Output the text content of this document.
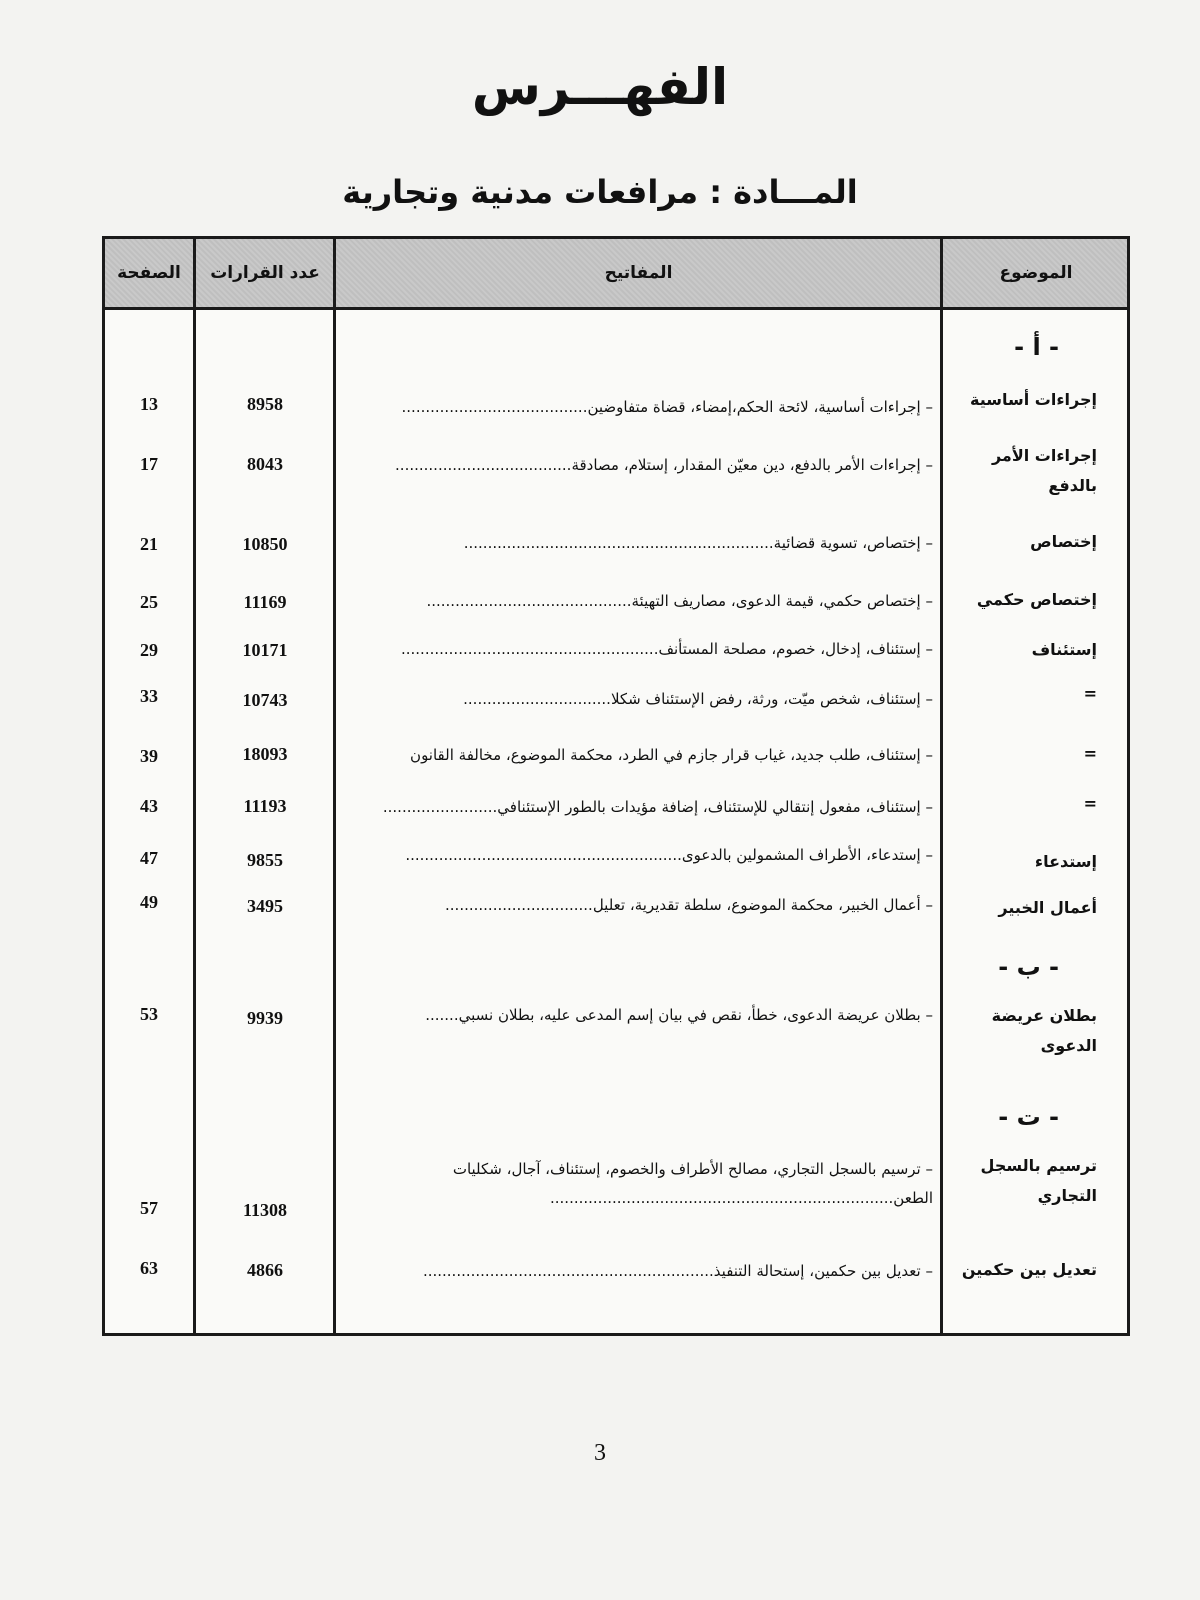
الفهـــرس
المـــادة : مرافعات مدنية وتجارية
الموضوع
المفاتيح
عدد القرارات
الصفحة
- أ -
- ب -
- ت -
إجراءات أساسية
– إجراءات أساسية، لائحة الحكم،إمضاء، قضاة متفاوضين.......................................
8958
13
إجراءات الأمر بالدفع
– إجراءات الأمر بالدفع، دين معيّن المقدار، إستلام، مصادقة.....................................
8043
17
إختصاص
– إختصاص، تسوية قضائية.................................................................
10850
21
إختصاص حكمي
– إختصاص حكمي، قيمة الدعوى، مصاريف التهيئة...........................................
11169
25
إستئناف
– إستئناف، إدخال، خصوم، مصلحة المستأنف......................................................
10171
29
=
– إستئناف، شخص ميّت، ورثة، رفض الإستئناف شكلا...............................
10743
33
=
– إستئناف، طلب جديد، غياب قرار جازم في الطرد، محكمة الموضوع، مخالفة القانون
18093
39
=
– إستئناف، مفعول إنتقالي للإستئناف، إضافة مؤيدات بالطور الإستئنافي........................
11193
43
إستدعاء
– إستدعاء، الأطراف المشمولين بالدعوى..........................................................
9855
47
أعمال الخبير
– أعمال الخبير، محكمة الموضوع، سلطة تقديرية، تعليل...............................
3495
49
بطلان عريضة الدعوى
– بطلان عريضة الدعوى، خطأ، نقص في بيان إسم المدعى عليه، بطلان نسبي.......
9939
53
ترسيم بالسجل التجاري
– ترسيم بالسجل التجاري، مصالح الأطراف والخصوم، إستئناف، آجال، شكليات الطعن........................................................................
11308
57
تعديل بين حكمين
– تعديل بين حكمين، إستحالة التنفيذ.............................................................
4866
63
3
